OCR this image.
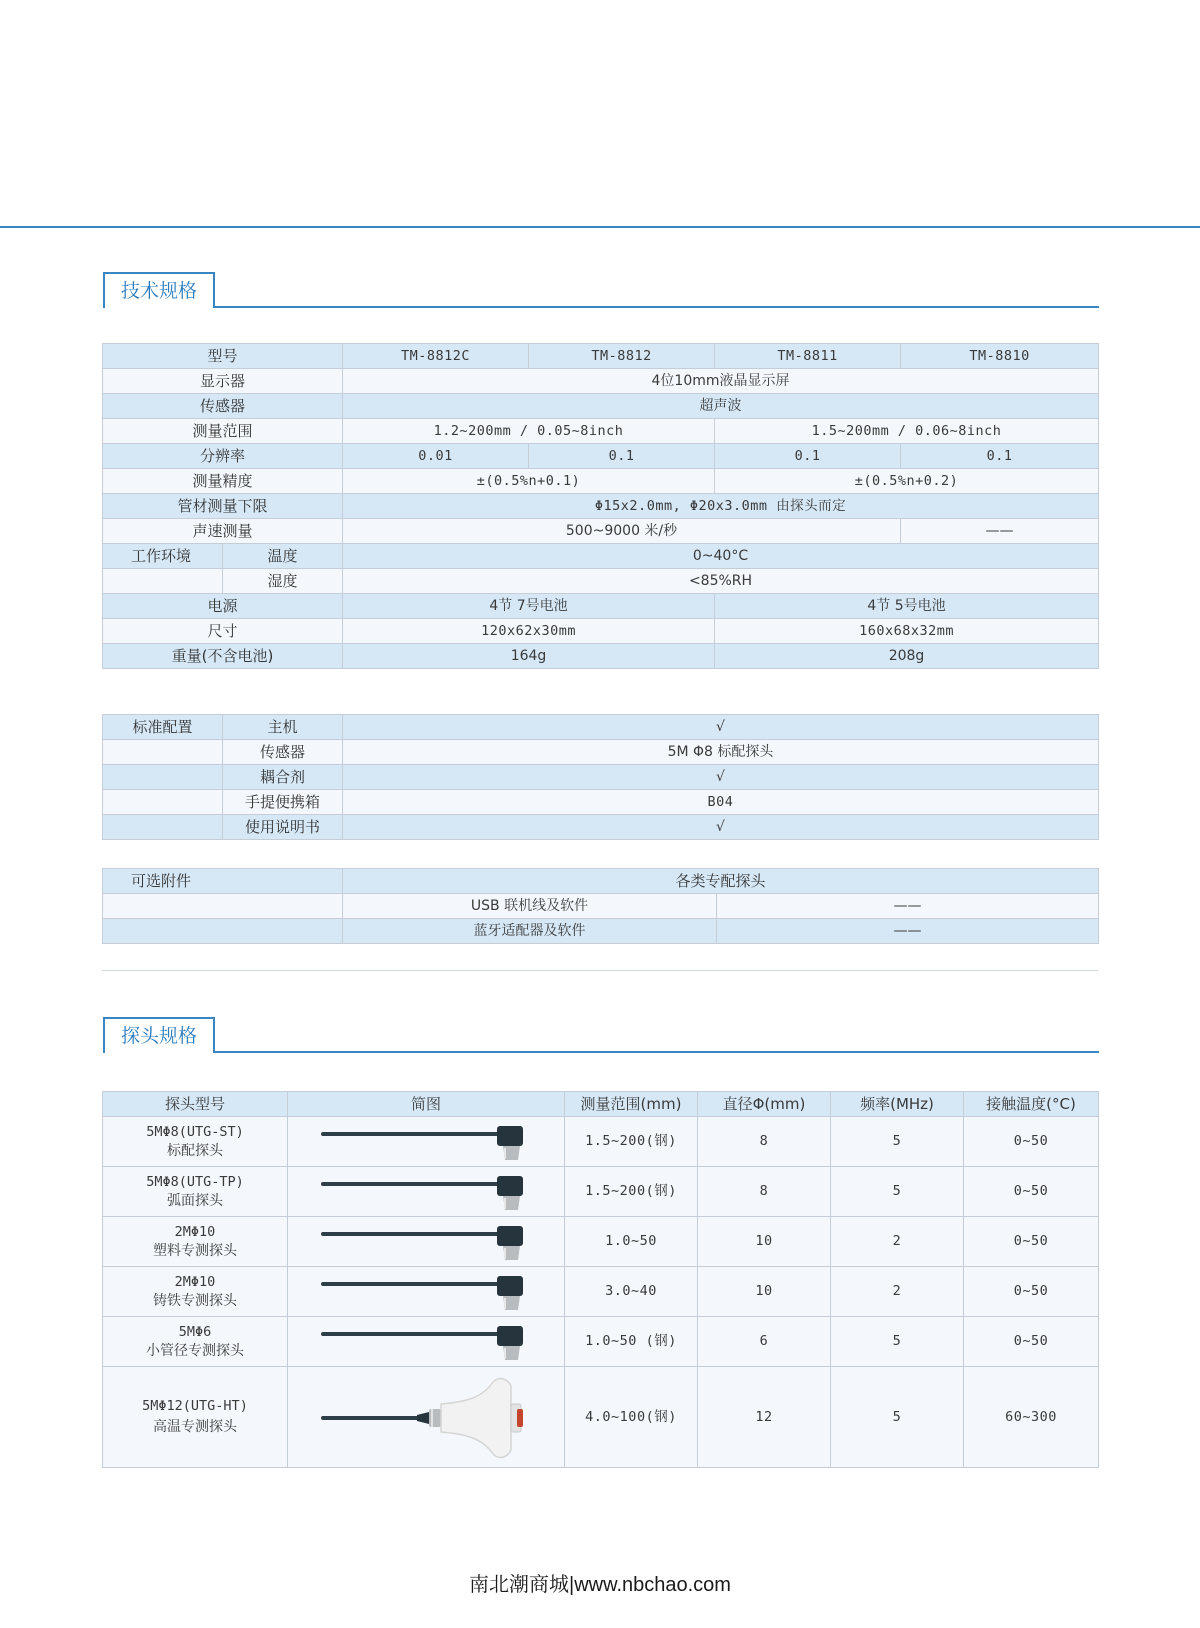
技术规格
型号		TM-8812C	TM-8812	TM-8811	TM-8810
显示器		4位10mm液晶显示屏			
传感器		超声波			
测量范围		1.2~200mm / 0.05~8inch		1.5~200mm / 0.06~8inch	
分辨率		0.01	0.1	0.1	0.1
测量精度		±(0.5%n+0.1)		±(0.5%n+0.2)	
管材测量下限		Φ15x2.0mm, Φ20x3.0mm 由探头而定			
声速测量		500~9000 米/秒			——
工作环境	温度	0~40°C			
	湿度	<85%RH			
电源		4节 7号电池		4节 5号电池	
尺寸		120x62x30mm		160x68x32mm	
重量(不含电池)		164g		208g	
标准配置	主机	√
	传感器	5M Φ8 标配探头
	耦合剂	√
	手提便携箱	B04
	使用说明书	√
可选附件	各类专配探头	
	USB 联机线及软件	——
	蓝牙适配器及软件	——
探头规格
探头型号	简图	测量范围(mm)	直径Φ(mm)	频率(MHz)	接触温度(°C)

5MΦ8(UTG-ST)
标配探头		1.5~200(钢)	8	5	0~50

5MΦ8(UTG-TP)
弧面探头		1.5~200(钢)	8	5	0~50

2MΦ10
塑料专测探头		1.0~50	10	2	0~50

2MΦ10
铸铁专测探头		3.0~40	10	2	0~50

5MΦ6
小管径专测探头		1.0~50 (钢)	6	5	0~50

5MΦ12(UTG-HT)
高温专测探头		4.0~100(钢)	12	5	60~300
南北潮商城|www.nbchao.com
